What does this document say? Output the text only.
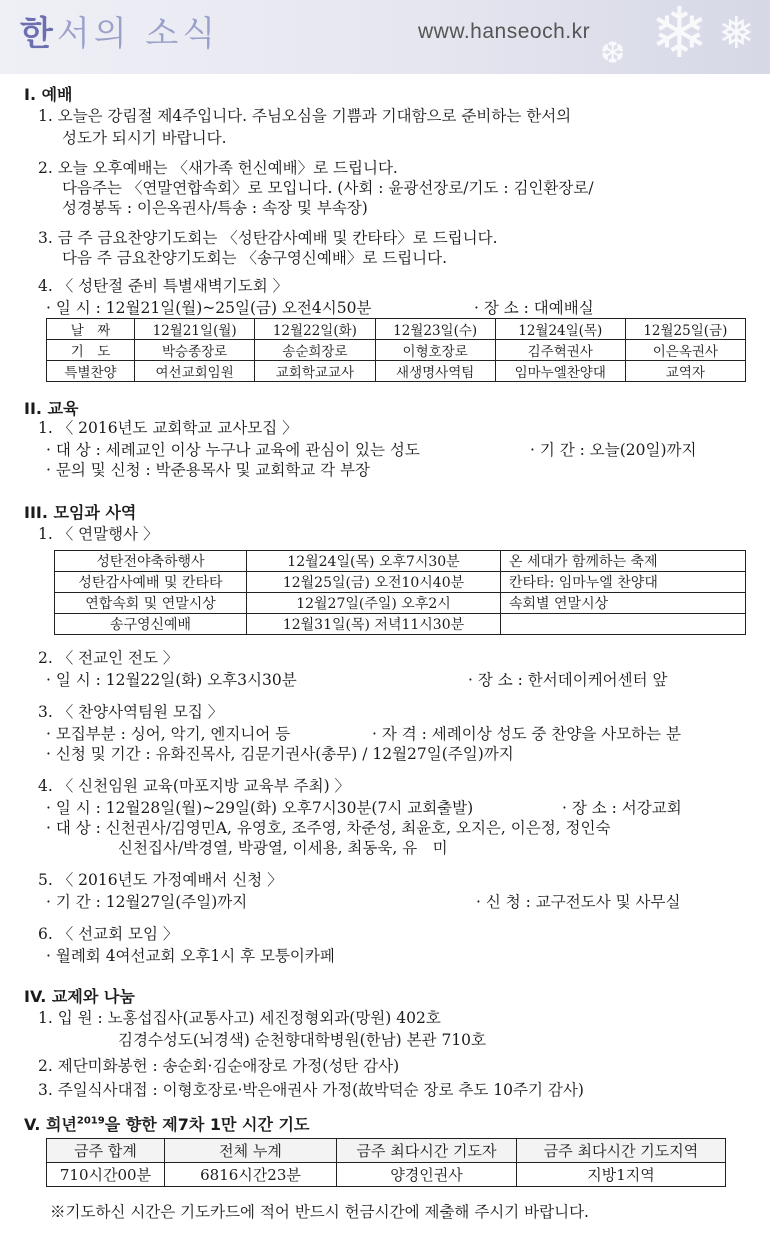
한서의 소식	www.hanseoch.kr ❄ ❅
❆
I. 예배
1. 오늘은 강림절 제4주입니다. 주님오심을 기쁨과 기대함으로 준비하는 한서의
성도가 되시기 바랍니다.
2. 오늘 오후예배는 〈새가족 헌신예배〉로 드립니다.
다음주는 〈연말연합속회〉로 모입니다. (사회 : 윤광선장로/기도 : 김인환장로/
성경봉독 : 이은옥권사/특송 : 속장 및 부속장)
3. 금 주 금요찬양기도회는 〈성탄감사예배 및 칸타타〉로 드립니다.
다음 주 금요찬양기도회는 〈송구영신예배〉로 드립니다.
4. 〈 성탄절 준비 특별새벽기도회 〉
· 일 시 : 12월21일(월)~25일(금) 오전4시50분	· 장 소 : 대예배실
날　짜	12월21일(월)	12월22일(화)	12월23일(수)	12월24일(목)	12월25일(금)
기　도	박승종장로	송순희장로	이형호장로	김주혁권사	이은옥권사
특별찬양	여선교회임원	교회학교교사	새생명사역팀	임마누엘찬양대	교역자
II. 교육
1. 〈 2016년도 교회학교 교사모집 〉
· 대 상 : 세례교인 이상 누구나 교육에 관심이 있는 성도	· 기 간 : 오늘(20일)까지
· 문의 및 신청 : 박준용목사 및 교회학교 각 부장
III. 모임과 사역
1. 〈 연말행사 〉
성탄전야축하행사	12월24일(목) 오후7시30분	온 세대가 함께하는 축제
성탄감사예배 및 칸타타	12월25일(금) 오전10시40분	칸타타: 임마누엘 찬양대
연합속회 및 연말시상	12월27일(주일) 오후2시	속회별 연말시상
송구영신예배	12월31일(목) 저녁11시30분	
2. 〈 전교인 전도 〉
· 일 시 : 12월22일(화) 오후3시30분	· 장 소 : 한서데이케어센터 앞
3. 〈 찬양사역팀원 모집 〉
· 모집부분 : 싱어, 악기, 엔지니어 등	· 자 격 : 세례이상 성도 중 찬양을 사모하는 분
· 신청 및 기간 : 유화진목사, 김문기권사(총무) / 12월27일(주일)까지
4. 〈 신천임원 교육(마포지방 교육부 주최) 〉
· 일 시 : 12월28일(월)~29일(화) 오후7시30분(7시 교회출발)	· 장 소 : 서강교회
· 대 상 : 신천권사/김영민A, 유영호, 조주영, 차준성, 최윤호, 오지은, 이은정, 정인숙
신천집사/박경열, 박광열, 이세용, 최동욱, 유　미
5. 〈 2016년도 가정예배서 신청 〉
· 기 간 : 12월27일(주일)까지	· 신 청 : 교구전도사 및 사무실
6. 〈 선교회 모임 〉
· 월례회 4여선교회 오후1시 후 모퉁이카페
IV. 교제와 나눔
1. 입 원 : 노홍섭집사(교통사고) 세진정형외과(망원) 402호
김경수성도(뇌경색) 순천향대학병원(한남) 본관 710호
2. 제단미화봉헌 : 송순회·김순애장로 가정(성탄 감사)
3. 주일식사대접 : 이형호장로·박은애권사 가정(故박덕순 장로 추도 10주기 감사)
V. 희년$^{2019}$을 향한 제7차 1만 시간 기도
금주 합계	전체 누계	금주 최다시간 기도자	금주 최다시간 기도지역
710시간00분	6816시간23분	양경인권사	지방1지역
※기도하신 시간은 기도카드에 적어 반드시 헌금시간에 제출해 주시기 바랍니다.
